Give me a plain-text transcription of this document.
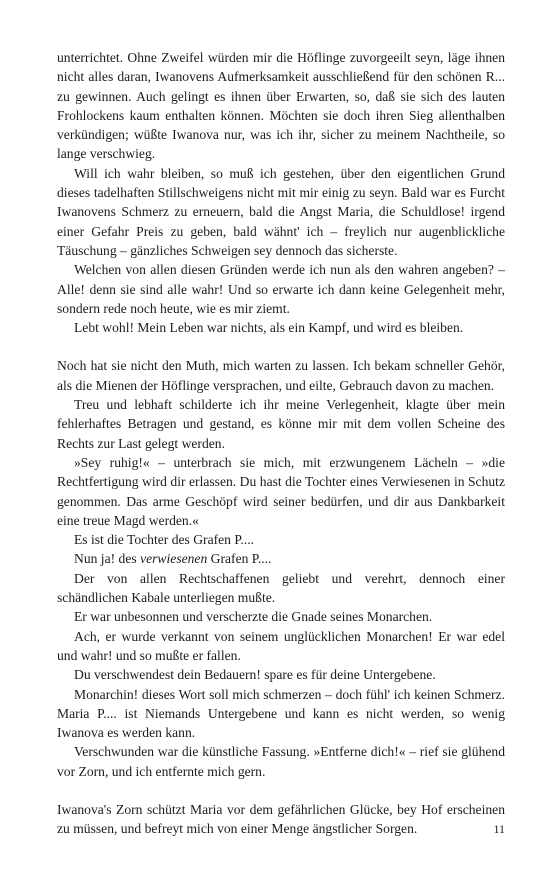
unterrichtet. Ohne Zweifel würden mir die Höflinge zuvorgeeilt seyn, läge ihnen nicht alles daran, Iwanovens Aufmerksamkeit ausschließend für den schönen R... zu gewinnen. Auch gelingt es ihnen über Erwarten, so, daß sie sich des lauten Frohlockens kaum enthalten können. Möchten sie doch ihren Sieg allenthalben verkündigen; wüßte Iwanova nur, was ich ihr, sicher zu meinem Nachtheile, so lange verschwieg.

Will ich wahr bleiben, so muß ich gestehen, über den eigentlichen Grund dieses tadelhaften Stillschweigens nicht mit mir einig zu seyn. Bald war es Furcht Iwanovens Schmerz zu erneuern, bald die Angst Maria, die Schuldlose! irgend einer Gefahr Preis zu geben, bald wähnt' ich – freylich nur augenblickliche Täuschung – gänzliches Schweigen sey dennoch das sicherste.

Welchen von allen diesen Gründen werde ich nun als den wahren angeben? – Alle! denn sie sind alle wahr! Und so erwarte ich dann keine Gelegenheit mehr, sondern rede noch heute, wie es mir ziemt.

Lebt wohl! Mein Leben war nichts, als ein Kampf, und wird es bleiben.

Noch hat sie nicht den Muth, mich warten zu lassen. Ich bekam schneller Gehör, als die Mienen der Höflinge versprachen, und eilte, Gebrauch davon zu machen.

Treu und lebhaft schilderte ich ihr meine Verlegenheit, klagte über mein fehlerhaftes Betragen und gestand, es könne mir mit dem vollen Scheine des Rechts zur Last gelegt werden.

»Sey ruhig!« – unterbrach sie mich, mit erzwungenem Lächeln – »die Rechtfertigung wird dir erlassen. Du hast die Tochter eines Verwiesenen in Schutz genommen. Das arme Geschöpf wird seiner bedürfen, und dir aus Dankbarkeit eine treue Magd werden.«

Es ist die Tochter des Grafen P....

Nun ja! des verwiesenen Grafen P....

Der von allen Rechtschaffenen geliebt und verehrt, dennoch einer schändlichen Kabale unterliegen mußte.

Er war unbesonnen und verscherzte die Gnade seines Monarchen.

Ach, er wurde verkannt von seinem unglücklichen Monarchen! Er war edel und wahr! und so mußte er fallen.

Du verschwendest dein Bedauern! spare es für deine Untergebene.

Monarchin! dieses Wort soll mich schmerzen – doch fühl' ich keinen Schmerz. Maria P.... ist Niemands Untergebene und kann es nicht werden, so wenig Iwanova es werden kann.

Verschwunden war die künstliche Fassung. »Entferne dich!« – rief sie glühend vor Zorn, und ich entfernte mich gern.

Iwanova's Zorn schützt Maria vor dem gefährlichen Glücke, bey Hof erscheinen zu müssen, und befreyt mich von einer Menge ängstlicher Sorgen.	11
